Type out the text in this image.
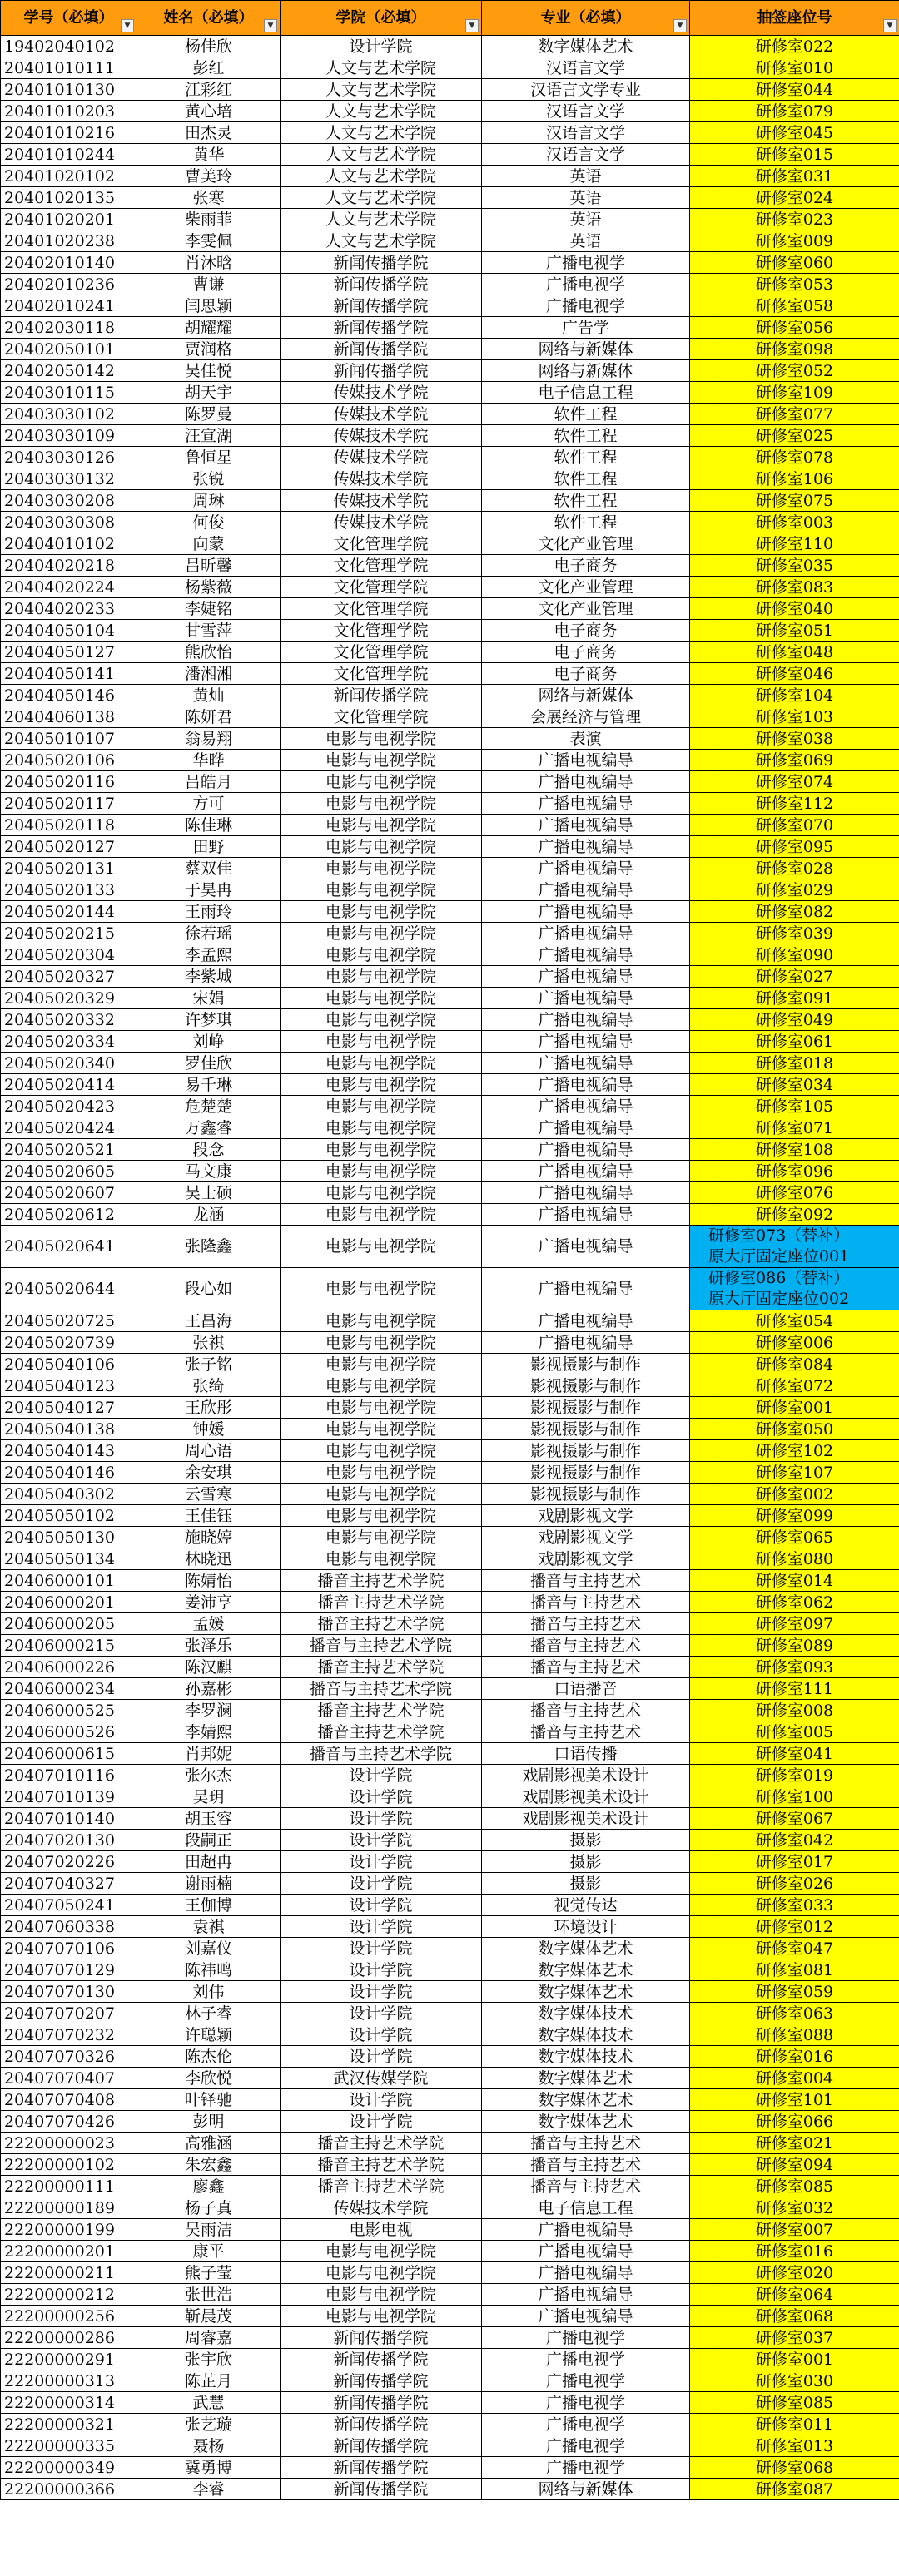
学号（必填） ▼	姓名（必填） ▼	学院（必填） ▼	专业（必填） ▼	抽签座位号 ▼

19402040102	杨佳欣	设计学院	数字媒体艺术	研修室022
20401010111	彭红	人文与艺术学院	汉语言文学	研修室010
20401010130	江彩红	人文与艺术学院	汉语言文学专业	研修室044
20401010203	黄心培	人文与艺术学院	汉语言文学	研修室079
20401010216	田杰灵	人文与艺术学院	汉语言文学	研修室045
20401010244	黄华	人文与艺术学院	汉语言文学	研修室015
20401020102	曹美玲	人文与艺术学院	英语	研修室031
20401020135	张寒	人文与艺术学院	英语	研修室024
20401020201	柴雨菲	人文与艺术学院	英语	研修室023
20401020238	李雯佩	人文与艺术学院	英语	研修室009
20402010140	肖沐晗	新闻传播学院	广播电视学	研修室060
20402010236	曹谦	新闻传播学院	广播电视学	研修室053
20402010241	闫思颖	新闻传播学院	广播电视学	研修室058
20402030118	胡耀耀	新闻传播学院	广告学	研修室056
20402050101	贾润格	新闻传播学院	网络与新媒体	研修室098
20402050142	吴佳悦	新闻传播学院	网络与新媒体	研修室052
20403010115	胡天宇	传媒技术学院	电子信息工程	研修室109
20403030102	陈罗曼	传媒技术学院	软件工程	研修室077
20403030109	汪宣湖	传媒技术学院	软件工程	研修室025
20403030126	鲁恒星	传媒技术学院	软件工程	研修室078
20403030132	张锐	传媒技术学院	软件工程	研修室106
20403030208	周琳	传媒技术学院	软件工程	研修室075
20403030308	何俊	传媒技术学院	软件工程	研修室003
20404010102	向蒙	文化管理学院	文化产业管理	研修室110
20404020218	吕昕馨	文化管理学院	电子商务	研修室035
20404020224	杨紫薇	文化管理学院	文化产业管理	研修室083
20404020233	李婕铭	文化管理学院	文化产业管理	研修室040
20404050104	甘雪萍	文化管理学院	电子商务	研修室051
20404050127	熊欣怡	文化管理学院	电子商务	研修室048
20404050141	潘湘湘	文化管理学院	电子商务	研修室046
20404050146	黄灿	新闻传播学院	网络与新媒体	研修室104
20404060138	陈妍君	文化管理学院	会展经济与管理	研修室103
20405010107	翁易翔	电影与电视学院	表演	研修室038
20405020106	华晔	电影与电视学院	广播电视编导	研修室069
20405020116	吕皓月	电影与电视学院	广播电视编导	研修室074
20405020117	方可	电影与电视学院	广播电视编导	研修室112
20405020118	陈佳琳	电影与电视学院	广播电视编导	研修室070
20405020127	田野	电影与电视学院	广播电视编导	研修室095
20405020131	蔡双佳	电影与电视学院	广播电视编导	研修室028
20405020133	于昊冉	电影与电视学院	广播电视编导	研修室029
20405020144	王雨玲	电影与电视学院	广播电视编导	研修室082
20405020215	徐若瑶	电影与电视学院	广播电视编导	研修室039
20405020304	李孟熙	电影与电视学院	广播电视编导	研修室090
20405020327	李紫城	电影与电视学院	广播电视编导	研修室027
20405020329	宋娟	电影与电视学院	广播电视编导	研修室091
20405020332	许梦琪	电影与电视学院	广播电视编导	研修室049
20405020334	刘峥	电影与电视学院	广播电视编导	研修室061
20405020340	罗佳欣	电影与电视学院	广播电视编导	研修室018
20405020414	易千琳	电影与电视学院	广播电视编导	研修室034
20405020423	危楚楚	电影与电视学院	广播电视编导	研修室105
20405020424	万鑫睿	电影与电视学院	广播电视编导	研修室071
20405020521	段念	电影与电视学院	广播电视编导	研修室108
20405020605	马文康	电影与电视学院	广播电视编导	研修室096
20405020607	吴士硕	电影与电视学院	广播电视编导	研修室076
20405020612	龙涵	电影与电视学院	广播电视编导	研修室092
20405020641	张隆鑫	电影与电视学院	广播电视编导	研修室073（替补）
原大厅固定座位001
20405020644	段心如	电影与电视学院	广播电视编导	研修室086（替补）
原大厅固定座位002
20405020725	王昌海	电影与电视学院	广播电视编导	研修室054
20405020739	张祺	电影与电视学院	广播电视编导	研修室006
20405040106	张子铭	电影与电视学院	影视摄影与制作	研修室084
20405040123	张绮	电影与电视学院	影视摄影与制作	研修室072
20405040127	王欣彤	电影与电视学院	影视摄影与制作	研修室001
20405040138	钟媛	电影与电视学院	影视摄影与制作	研修室050
20405040143	周心语	电影与电视学院	影视摄影与制作	研修室102
20405040146	余安琪	电影与电视学院	影视摄影与制作	研修室107
20405040302	云雪寒	电影与电视学院	影视摄影与制作	研修室002
20405050102	王佳钰	电影与电视学院	戏剧影视文学	研修室099
20405050130	施晓婷	电影与电视学院	戏剧影视文学	研修室065
20405050134	林晓迅	电影与电视学院	戏剧影视文学	研修室080
20406000101	陈婧怡	播音主持艺术学院	播音与主持艺术	研修室014
20406000201	姜沛亨	播音主持艺术学院	播音与主持艺术	研修室062
20406000205	孟媛	播音主持艺术学院	播音与主持艺术	研修室097
20406000215	张泽乐	播音与主持艺术学院	播音与主持艺术	研修室089
20406000226	陈汉麒	播音主持艺术学院	播音与主持艺术	研修室093
20406000234	孙嘉彬	播音与主持艺术学院	口语播音	研修室111
20406000525	李罗澜	播音主持艺术学院	播音与主持艺术	研修室008
20406000526	李婧熙	播音主持艺术学院	播音与主持艺术	研修室005
20406000615	肖邦妮	播音与主持艺术学院	口语传播	研修室041
20407010116	张尔杰	设计学院	戏剧影视美术设计	研修室019
20407010139	吴玥	设计学院	戏剧影视美术设计	研修室100
20407010140	胡玉容	设计学院	戏剧影视美术设计	研修室067
20407020130	段嗣正	设计学院	摄影	研修室042
20407020226	田超冉	设计学院	摄影	研修室017
20407040327	谢雨楠	设计学院	摄影	研修室026
20407050241	王伽博	设计学院	视觉传达	研修室033
20407060338	袁祺	设计学院	环境设计	研修室012
20407070106	刘嘉仪	设计学院	数字媒体艺术	研修室047
20407070129	陈祎鸣	设计学院	数字媒体艺术	研修室081
20407070130	刘伟	设计学院	数字媒体艺术	研修室059
20407070207	林子睿	设计学院	数字媒体技术	研修室063
20407070232	许聪颖	设计学院	数字媒体技术	研修室088
20407070326	陈杰伦	设计学院	数字媒体技术	研修室016
20407070407	李欣悦	武汉传媒学院	数字媒体艺术	研修室004
20407070408	叶铎驰	设计学院	数字媒体艺术	研修室101
20407070426	彭明	设计学院	数字媒体艺术	研修室066
22200000023	高雅涵	播音主持艺术学院	播音与主持艺术	研修室021
22200000102	朱宏鑫	播音主持艺术学院	播音与主持艺术	研修室094
22200000111	廖鑫	播音主持艺术学院	播音与主持艺术	研修室085
22200000189	杨子真	传媒技术学院	电子信息工程	研修室032
22200000199	吴雨洁	电影电视	广播电视编导	研修室007
22200000201	康平	电影与电视学院	广播电视编导	研修室016
22200000211	熊子莹	电影与电视学院	广播电视编导	研修室020
22200000212	张世浩	电影与电视学院	广播电视编导	研修室064
22200000256	靳晨茂	电影与电视学院	广播电视编导	研修室068
22200000286	周睿嘉	新闻传播学院	广播电视学	研修室037
22200000291	张宇欣	新闻传播学院	广播电视学	研修室001
22200000313	陈芷月	新闻传播学院	广播电视学	研修室030
22200000314	武慧	新闻传播学院	广播电视学	研修室085
22200000321	张艺璇	新闻传播学院	广播电视学	研修室011
22200000335	聂杨	新闻传播学院	广播电视学	研修室013
22200000349	冀勇博	新闻传播学院	广播电视学	研修室068
22200000366	李睿	新闻传播学院	网络与新媒体	研修室087
